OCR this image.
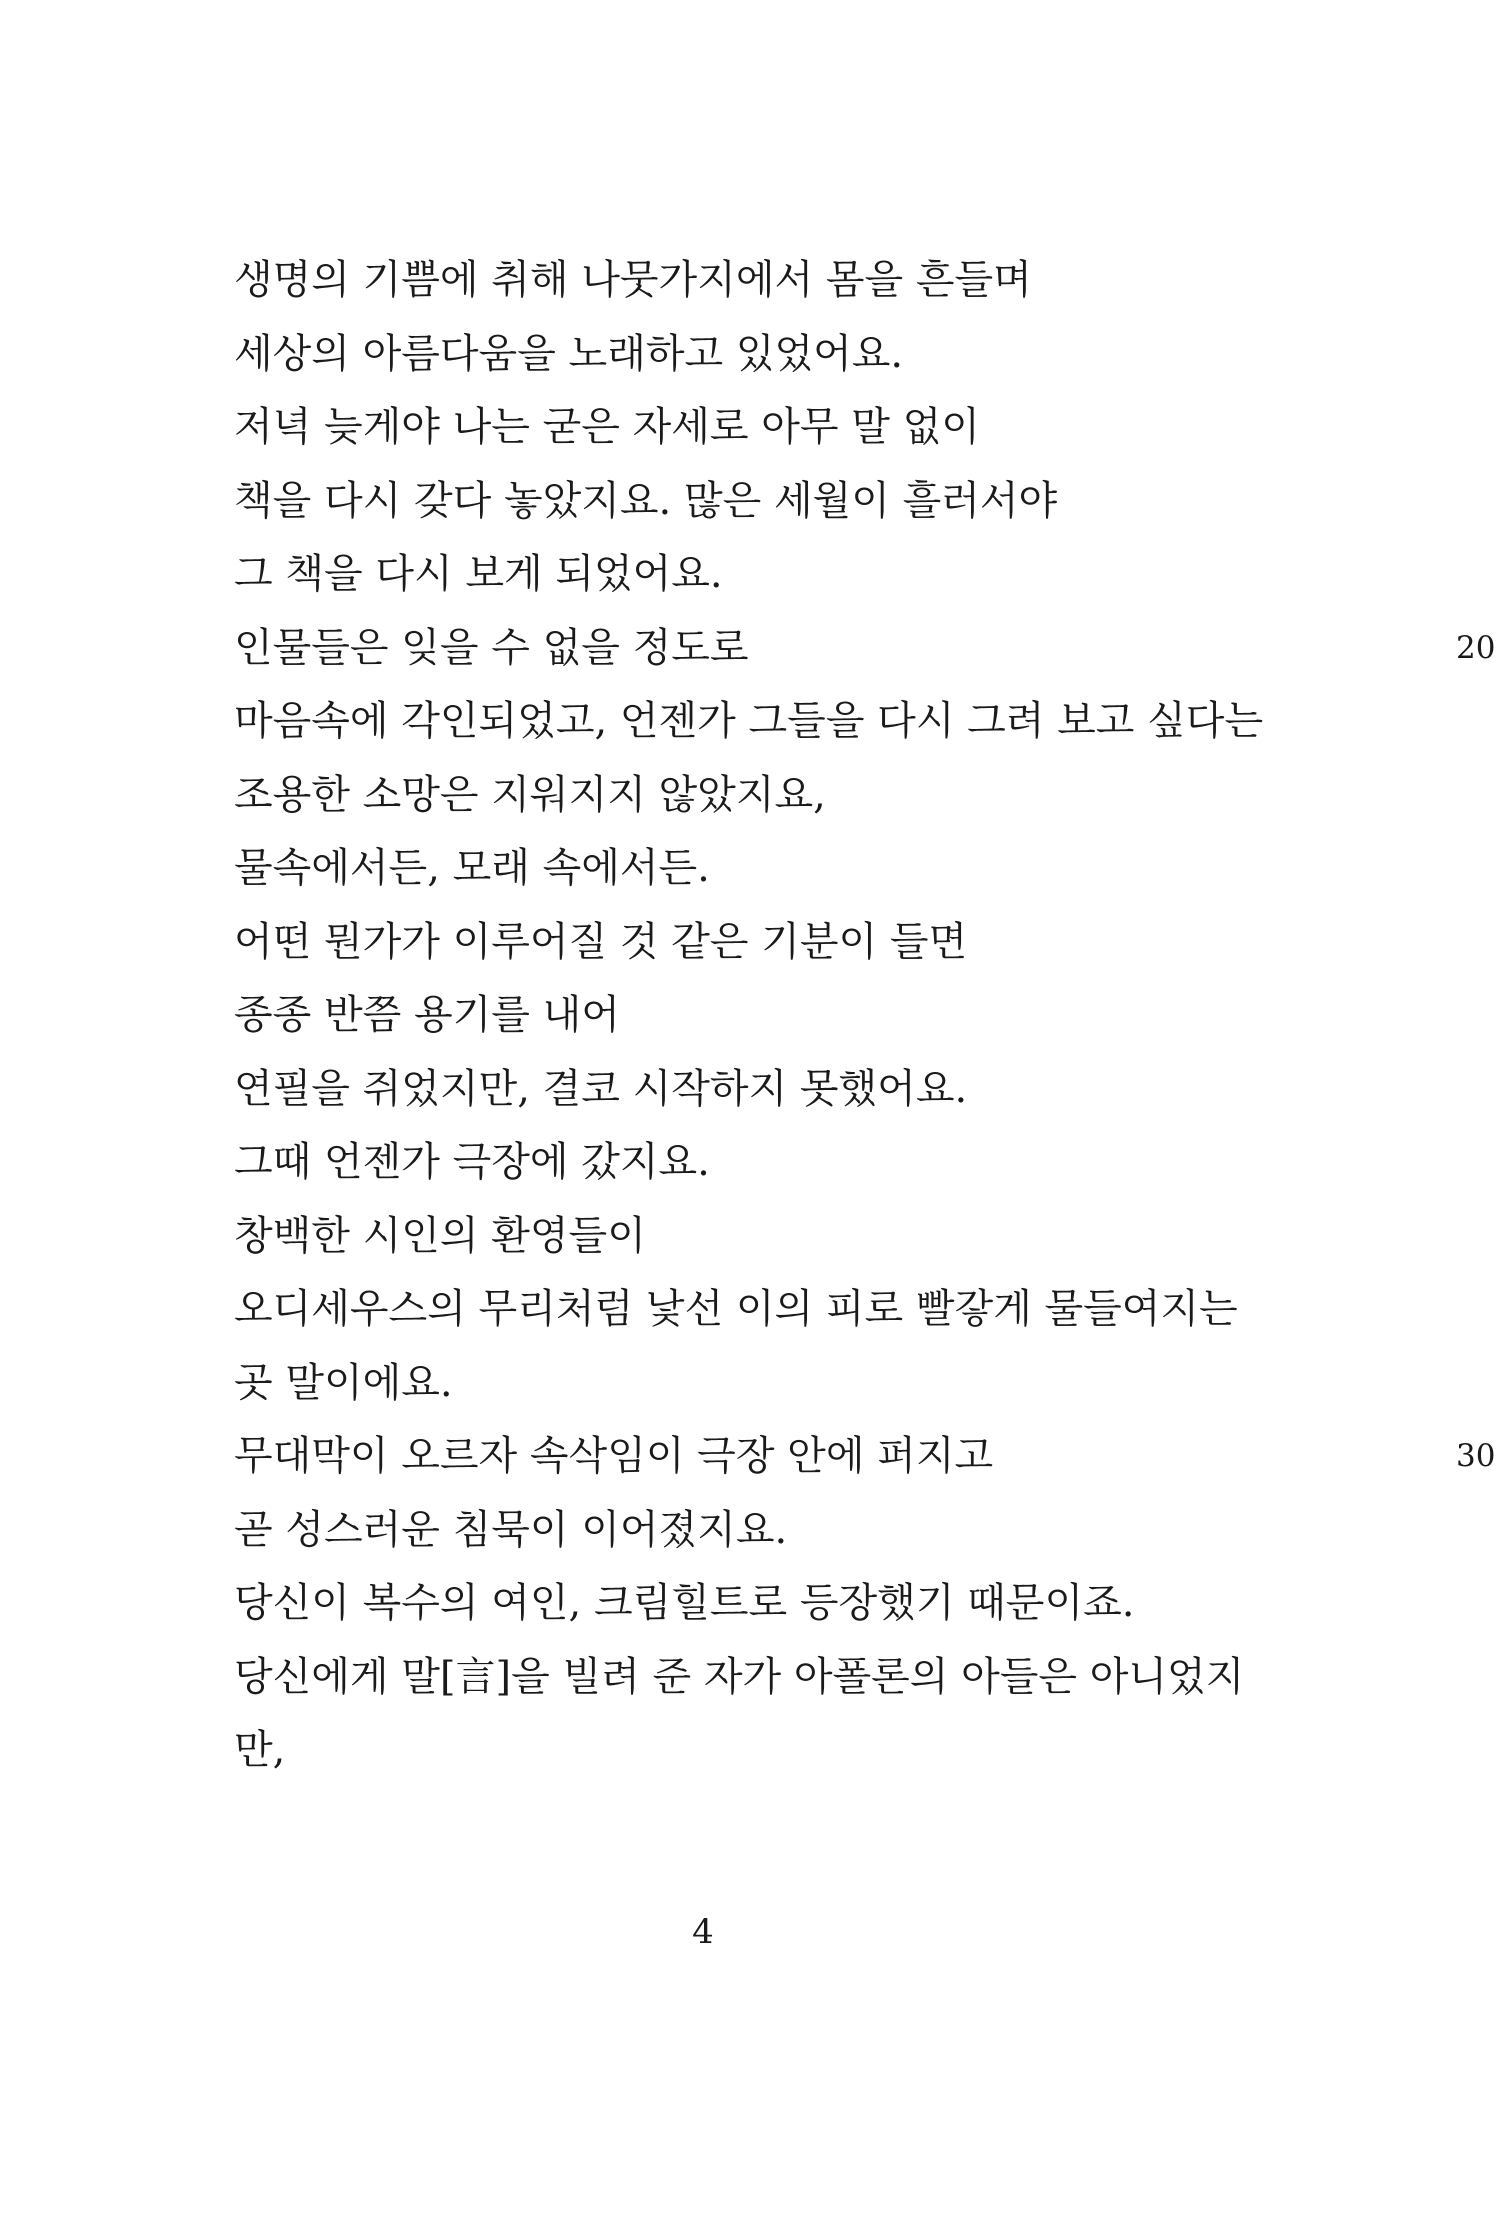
생명의 기쁨에 취해 나뭇가지에서 몸을 흔들며
세상의 아름다움을 노래하고 있었어요.
저녁 늦게야 나는 굳은 자세로 아무 말 없이
책을 다시 갖다 놓았지요. 많은 세월이 흘러서야
그 책을 다시 보게 되었어요.
인물들은 잊을 수 없을 정도로	20
마음속에 각인되었고, 언젠가 그들을 다시 그려 보고 싶다는
조용한 소망은 지워지지 않았지요,
물속에서든, 모래 속에서든.
어떤 뭔가가 이루어질 것 같은 기분이 들면
종종 반쯤 용기를 내어
연필을 쥐었지만, 결코 시작하지 못했어요.
그때 언젠가 극장에 갔지요.
창백한 시인의 환영들이
오디세우스의 무리처럼 낯선 이의 피로 빨갛게 물들여지는
곳 말이에요.
무대막이 오르자 속삭임이 극장 안에 퍼지고	30
곧 성스러운 침묵이 이어졌지요.
당신이 복수의 여인, 크림힐트로 등장했기 때문이죠.
당신에게 말[言]을 빌려 준 자가 아폴론의 아들은 아니었지
만,
4
